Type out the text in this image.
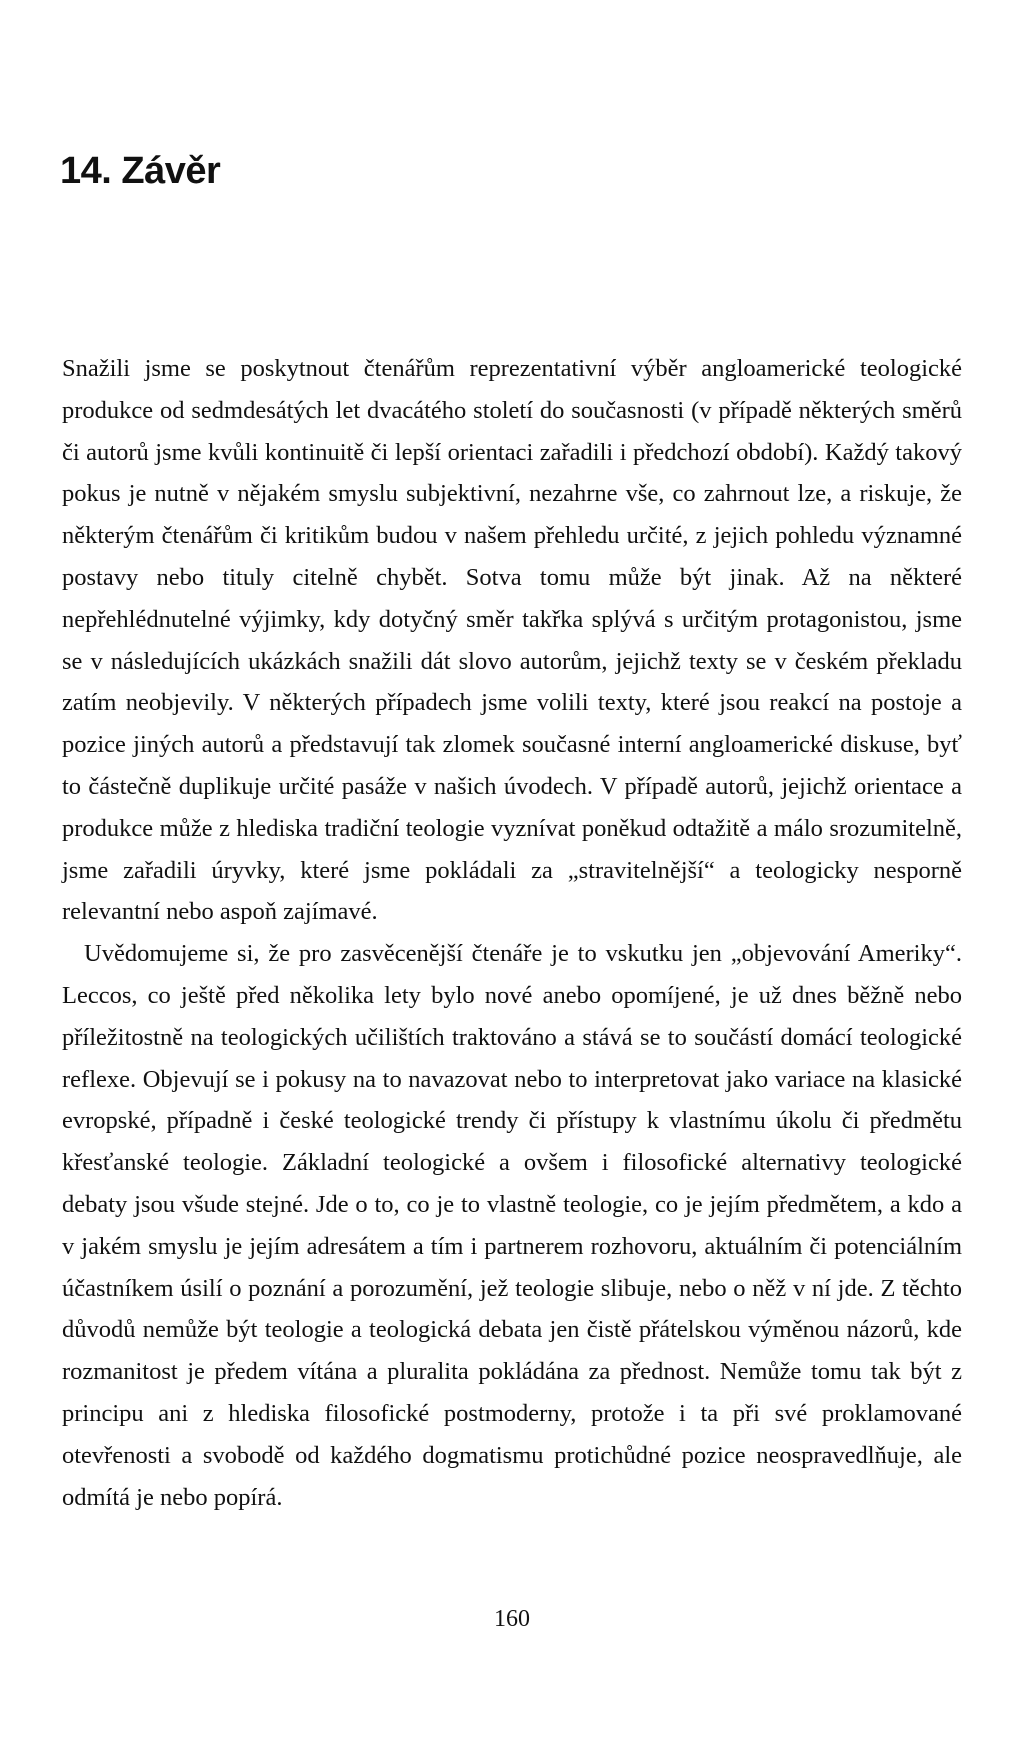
14. Závěr

Snažili jsme se poskytnout čtenářům reprezentativní výběr angloamerické teologické produkce od sedmdesátých let dvacátého století do současnosti (v případě některých směrů či autorů jsme kvůli kontinuitě či lepší orientaci zařadili i předchozí období). Každý takový pokus je nutně v nějakém smyslu subjektivní, nezahrne vše, co zahrnout lze, a riskuje, že některým čtenářům či kritikům budou v našem přehledu určité, z jejich pohledu významné postavy nebo tituly citelně chybět. Sotva tomu může být jinak. Až na některé nepřehlédnutelné výjimky, kdy dotyčný směr takřka splývá s určitým protagonistou, jsme se v následujících ukázkách snažili dát slovo autorům, jejichž texty se v českém překladu zatím neobjevily. V některých případech jsme volili texty, které jsou reakcí na postoje a pozice jiných autorů a představují tak zlomek současné interní angloamerické diskuse, byť to částečně duplikuje určité pasáže v našich úvodech. V případě autorů, jejichž orientace a produkce může z hlediska tradiční teologie vyznívat poněkud odtažitě a málo srozumitelně, jsme zařadili úryvky, které jsme pokládali za „stravitelnější“ a teologicky nesporně relevantní nebo aspoň zajímavé.

Uvědomujeme si, že pro zasvěcenější čtenáře je to vskutku jen „objevování Ameriky“. Leccos, co ještě před několika lety bylo nové anebo opomíjené, je už dnes běžně nebo příležitostně na teologických učilištích traktováno a stává se to součástí domácí teologické reflexe. Objevují se i pokusy na to navazovat nebo to interpretovat jako variace na klasické evropské, případně i české teologické trendy či přístupy k vlastnímu úkolu či předmětu křesťanské teologie. Základní teologické a ovšem i filosofické alternativy teologické debaty jsou všude stejné. Jde o to, co je to vlastně teologie, co je jejím předmětem, a kdo a v jakém smyslu je jejím adresátem a tím i partnerem rozhovoru, aktuálním či potenciálním účastníkem úsilí o poznání a porozumění, jež teologie slibuje, nebo o něž v ní jde. Z těchto důvodů nemůže být teologie a teologická debata jen čistě přátelskou výměnou názorů, kde rozmanitost je předem vítána a pluralita pokládána za přednost. Nemůže tomu tak být z principu ani z hlediska filosofické postmoderny, protože i ta při své proklamované otevřenosti a svobodě od každého dogmatismu protichůdné pozice neospravedlňuje, ale odmítá je nebo popírá.

160
